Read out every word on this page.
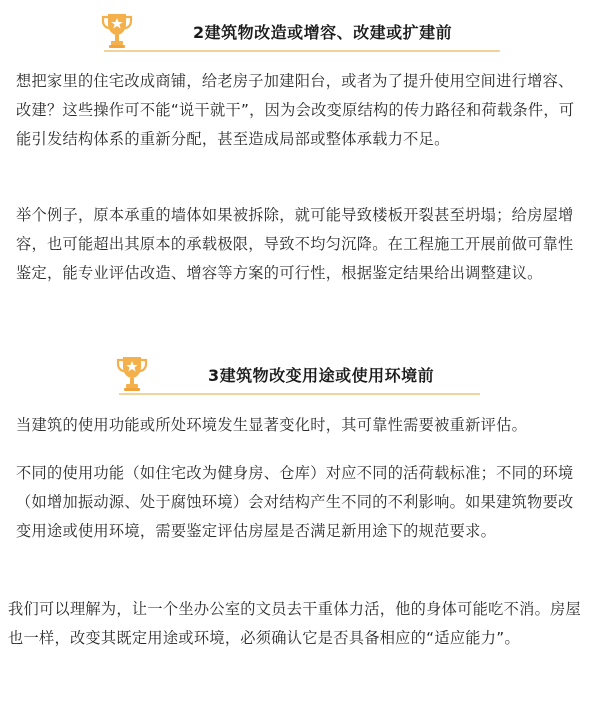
2建筑物改造或增容、改建或扩建前

想把家里的住宅改成商铺，给老房子加建阳台，或者为了提升使用空间进行增容、改建？这些操作可不能“说干就干”，因为会改变原结构的传力路径和荷载条件，可能引发结构体系的重新分配，甚至造成局部或整体承载力不足。

举个例子，原本承重的墙体如果被拆除，就可能导致楼板开裂甚至坍塌；给房屋增容，也可能超出其原本的承载极限，导致不均匀沉降。在工程施工开展前做可靠性鉴定，能专业评估改造、增容等方案的可行性，根据鉴定结果给出调整建议。

3建筑物改变用途或使用环境前

当建筑的使用功能或所处环境发生显著变化时，其可靠性需要被重新评估。

不同的使用功能（如住宅改为健身房、仓库）对应不同的活荷载标准；不同的环境（如增加振动源、处于腐蚀环境）会对结构产生不同的不利影响。如果建筑物要改变用途或使用环境，需要鉴定评估房屋是否满足新用途下的规范要求。

我们可以理解为，让一个坐办公室的文员去干重体力活，他的身体可能吃不消。房屋也一样，改变其既定用途或环境，必须确认它是否具备相应的“适应能力”。
